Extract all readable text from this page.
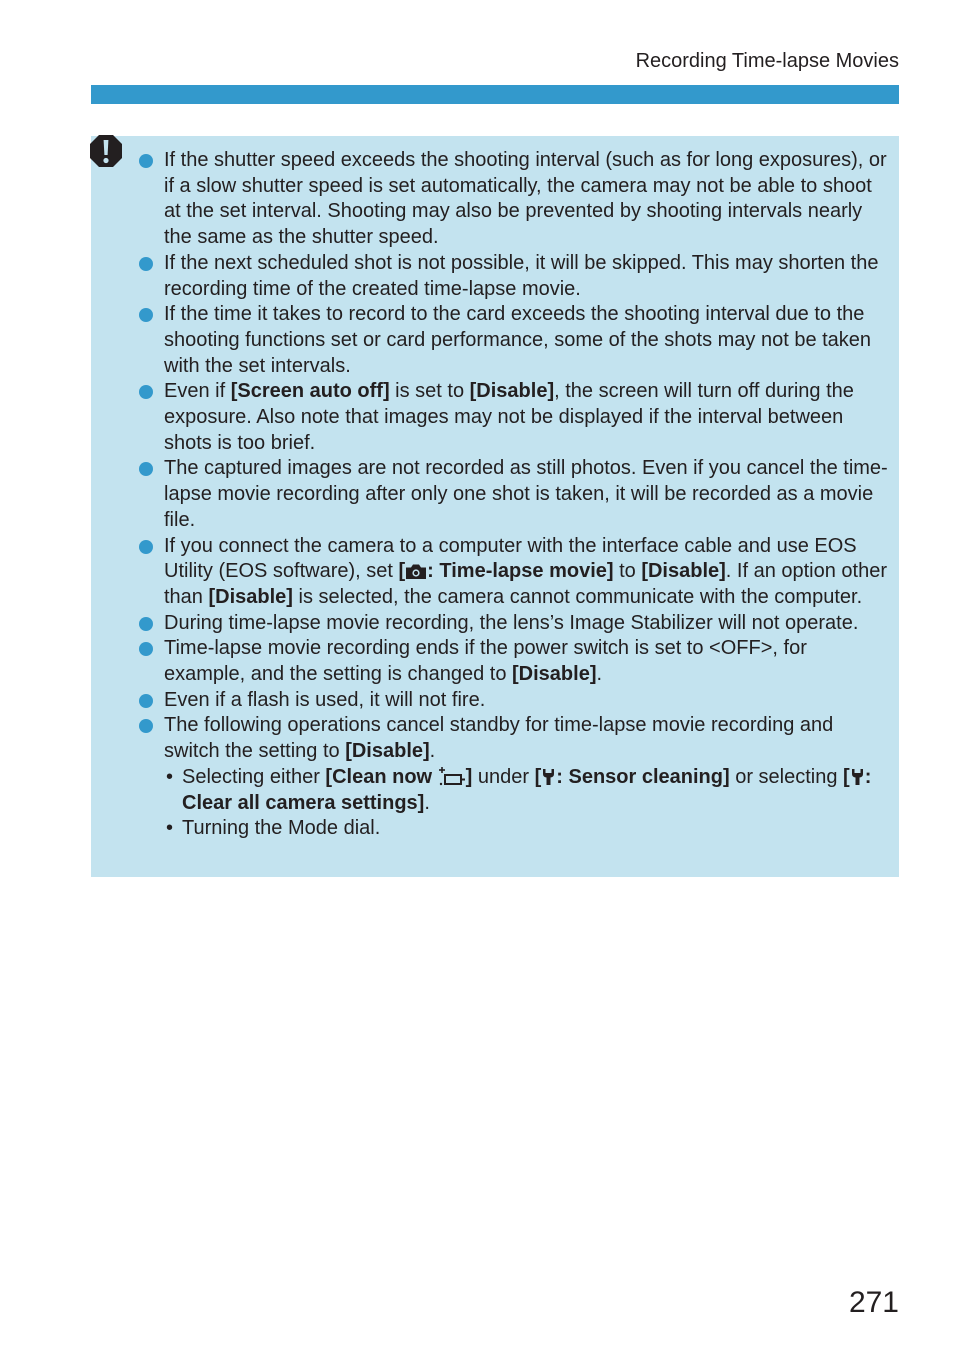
Recording Time-lapse Movies
If the shutter speed exceeds the shooting interval (such as for long exposures), or if a slow shutter speed is set automatically, the camera may not be able to shoot at the set interval. Shooting may also be prevented by shooting intervals nearly the same as the shutter speed.
If the next scheduled shot is not possible, it will be skipped. This may shorten the recording time of the created time-lapse movie.
If the time it takes to record to the card exceeds the shooting interval due to the shooting functions set or card performance, some of the shots may not be taken with the set intervals.
Even if [Screen auto off] is set to [Disable], the screen will turn off during the exposure. Also note that images may not be displayed if the interval between shots is too brief.
The captured images are not recorded as still photos. Even if you cancel the time-lapse movie recording after only one shot is taken, it will be recorded as a movie file.
If you connect the camera to a computer with the interface cable and use EOS Utility (EOS software), set [ : Time-lapse movie] to [Disable]. If an option other than [Disable] is selected, the camera cannot communicate with the computer.
During time-lapse movie recording, the lens’s Image Stabilizer will not operate.
Time-lapse movie recording ends if the power switch is set to <OFF>, for example, and the setting is changed to [Disable].
Even if a flash is used, it will not fire.
The following operations cancel standby for time-lapse movie recording and switch the setting to [Disable].
• Selecting either [Clean now ] under [ : Sensor cleaning] or selecting [ : Clear all camera settings].
• Turning the Mode dial.
271
